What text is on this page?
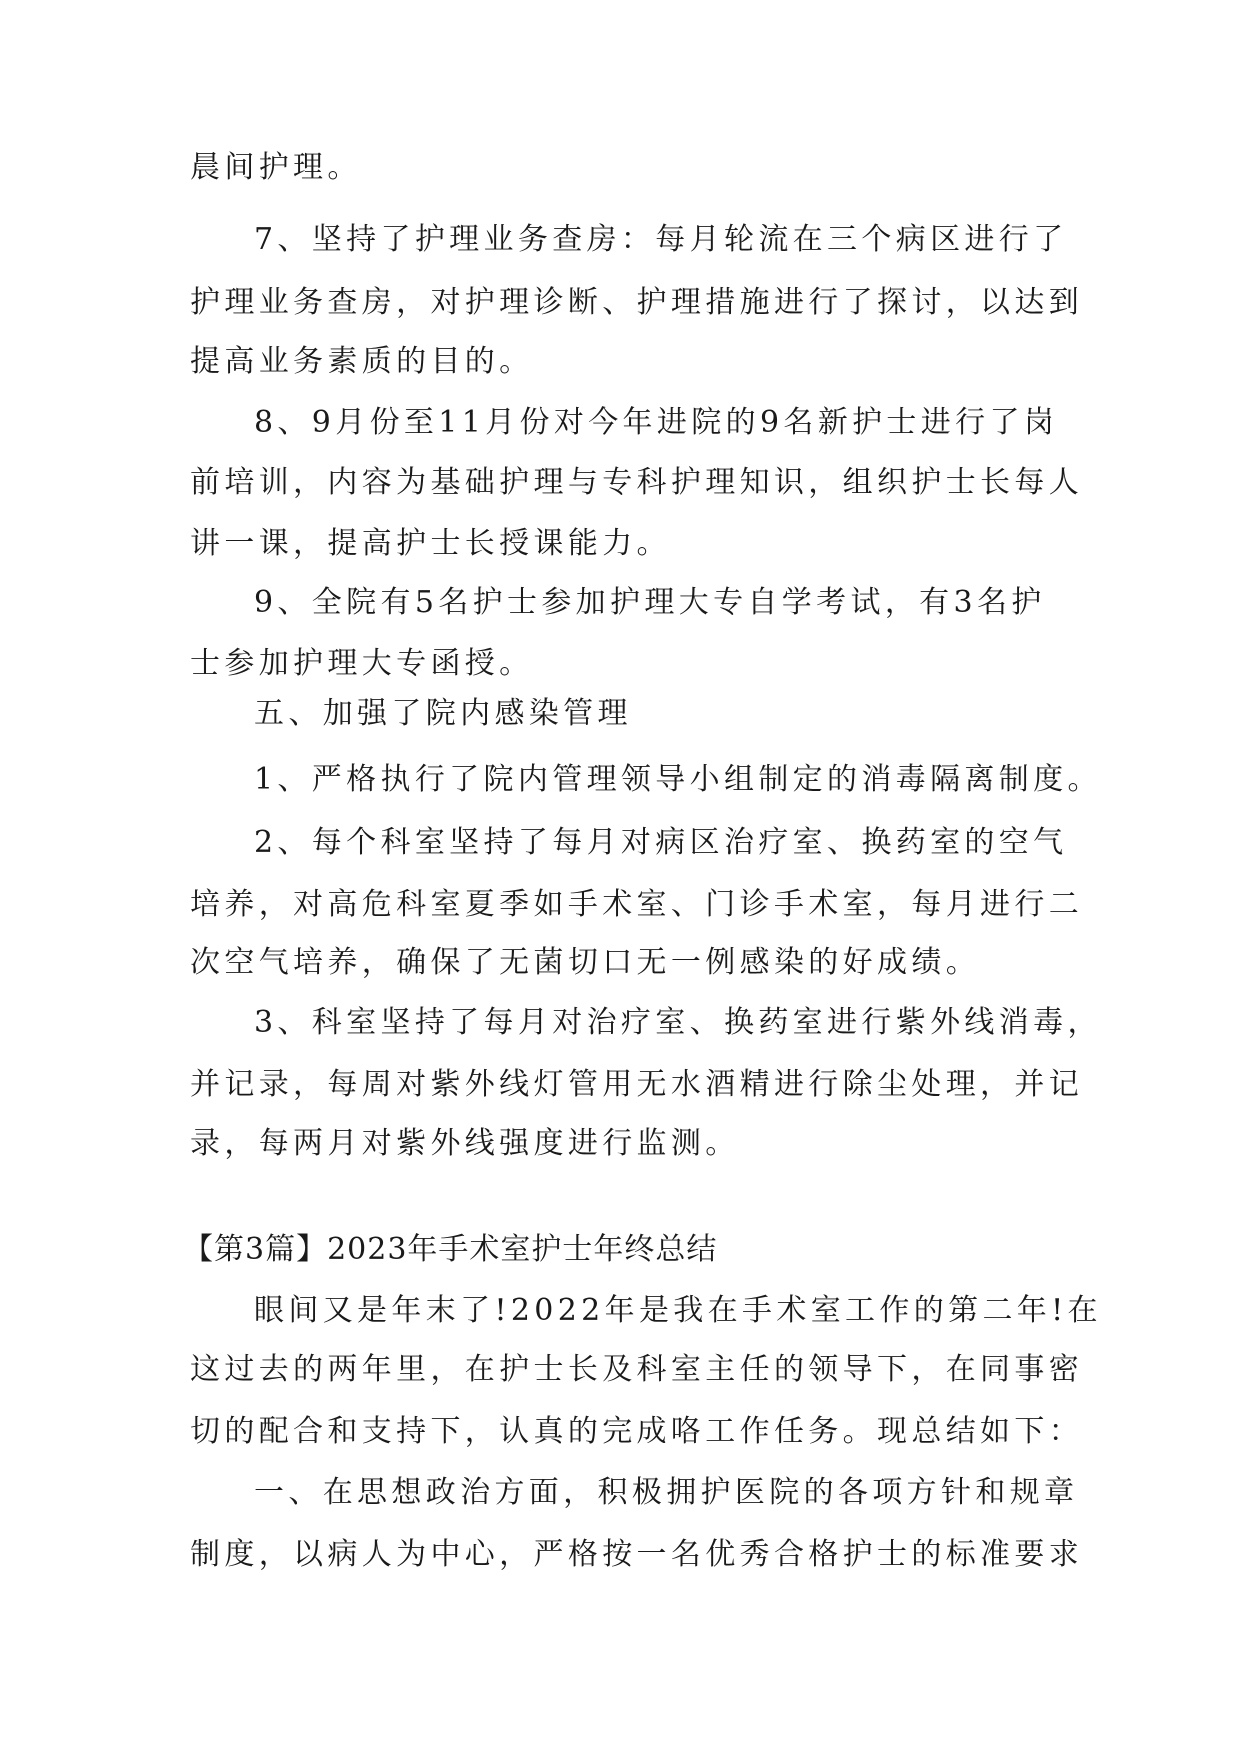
晨间护理。
7、坚持了护理业务查房：每月轮流在三个病区进行了
护理业务查房，对护理诊断、护理措施进行了探讨，以达到
提高业务素质的目的。
8、9月份至11月份对今年进院的9名新护士进行了岗
前培训，内容为基础护理与专科护理知识，组织护士长每人
讲一课，提高护士长授课能力。
9、全院有5名护士参加护理大专自学考试，有3名护
士参加护理大专函授。
五、加强了院内感染管理
1、严格执行了院内管理领导小组制定的消毒隔离制度。
2、每个科室坚持了每月对病区治疗室、换药室的空气
培养，对高危科室夏季如手术室、门诊手术室，每月进行二
次空气培养，确保了无菌切口无一例感染的好成绩。
3、科室坚持了每月对治疗室、换药室进行紫外线消毒，
并记录，每周对紫外线灯管用无水酒精进行除尘处理，并记
录，每两月对紫外线强度进行监测。
【第3篇】2023年手术室护士年终总结
眼间又是年末了!2022年是我在手术室工作的第二年!在
这过去的两年里，在护士长及科室主任的领导下，在同事密
切的配合和支持下，认真的完成咯工作任务。现总结如下：
一、在思想政治方面，积极拥护医院的各项方针和规章
制度，以病人为中心，严格按一名优秀合格护士的标准要求
